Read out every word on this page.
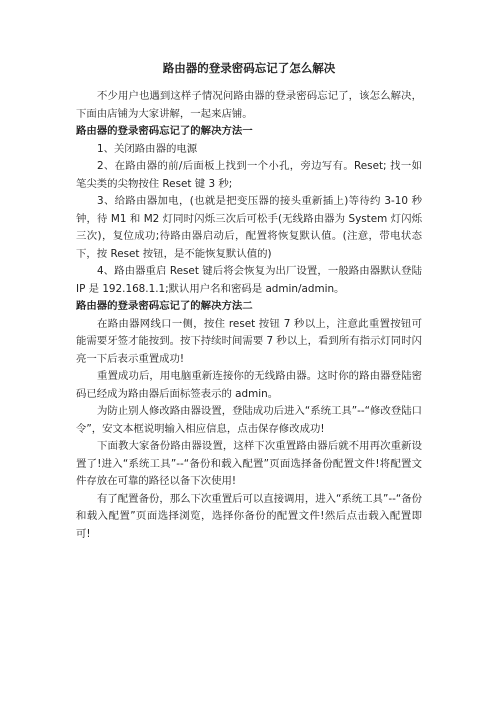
路由器的登录密码忘记了怎么解决

不少用户也遇到这样子情况问路由器的登录密码忘记了，该怎么解决，下面由店铺为大家讲解，一起来店铺。

路由器的登录密码忘记了的解决方法一

1、关闭路由器的电源

2、在路由器的前/后面板上找到一个小孔，旁边写有。Reset; 找一如笔尖类的尖物按住 Reset 键 3 秒;

3、给路由器加电，(也就是把变压器的接头重新插上)等待约 3-10 秒钟，待 M1 和 M2 灯同时闪烁三次后可松手(无线路由器为 System 灯闪烁三次)，复位成功;待路由器启动后，配置将恢复默认值。(注意，带电状态下，按 Reset 按钮，是不能恢复默认值的)

4、路由器重启 Reset 键后将会恢复为出厂设置，一般路由器默认登陆 IP 是 192.168.1.1;默认用户名和密码是 admin/admin。

路由器的登录密码忘记了的解决方法二

在路由器网线口一侧，按住 reset 按钮 7 秒以上，注意此重置按钮可能需要牙签才能按到。按下持续时间需要 7 秒以上，看到所有指示灯同时闪亮一下后表示重置成功!

重置成功后，用电脑重新连接你的无线路由器。这时你的路由器登陆密码已经成为路由器后面标签表示的 admin。

为防止别人修改路由器设置，登陆成功后进入“系统工具”--“修改登陆口令”，安文本框说明输入相应信息，点击保存修改成功!

下面教大家备份路由器设置，这样下次重置路由器后就不用再次重新设置了!进入“系统工具”--“备份和载入配置”页面选择备份配置文件!将配置文件存放在可靠的路径以备下次使用!

有了配置备份，那么下次重置后可以直接调用，进入“系统工具”--“备份和载入配置”页面选择浏览，选择你备份的配置文件!然后点击载入配置即可!
